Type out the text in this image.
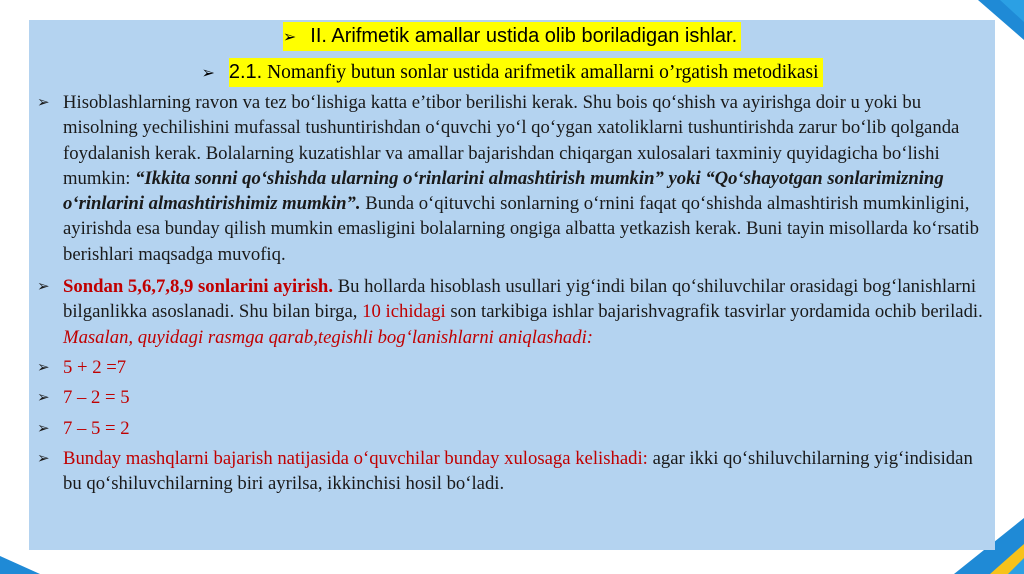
➢ II. Arifmetik amallar ustida olib boriladigan ishlar.
➢ 2.1. Nomanfiy butun sonlar ustida arifmetik amallarni o’rgatish metodikasi

➢ Hisoblashlarning ravon va tez bo‘lishiga katta e’tibor berilishi kerak. Shu bois qo‘shish va ayirishga doir u yoki bu misolning yechilishini mufassal tushuntirishdan o‘quvchi yo‘l qo‘ygan xatoliklarni tushuntirishda zarur bo‘lib qolganda foydalanish kerak. Bolalarning kuzatishlar va amallar bajarishdan chiqargan xulosalari taxminiy quyidagicha bo‘lishi mumkin: “Ikkita sonni qo‘shishda ularning o‘rinlarini almashtirish mumkin” yoki “Qo‘shayotgan sonlarimizning o‘rinlarini almashtirishimiz mumkin”. Bunda o‘qituvchi sonlarning o‘rnini faqat qo‘shishda almashtirish mumkinligini, ayirishda esa bunday qilish mumkin emasligini bolalarning ongiga albatta yetkazish kerak. Buni tayin misollarda ko‘rsatib berishlari maqsadga muvofiq.

➢ Sondan 5,6,7,8,9 sonlarini ayirish. Bu hollarda hisoblash usullari yig‘indi bilan qo‘shiluvchilar orasidagi bog‘lanishlarni bilganlikka asoslanadi. Shu bilan birga, 10 ichidagi son tarkibiga ishlar bajarishvagrafik tasvirlar yordamida ochib beriladi. Masalan, quyidagi rasmga qarab,tegishli bog‘lanishlarni aniqlashadi:

➢ 5 + 2 =7

➢ 7 – 2 = 5

➢ 7 – 5 = 2

➢ Bunday mashqlarni bajarish natijasida o‘quvchilar bunday xulosaga kelishadi: agar ikki qo‘shiluvchilarning yig‘indisidan bu qo‘shiluvchilarning biri ayrilsa, ikkinchisi hosil bo‘ladi.
